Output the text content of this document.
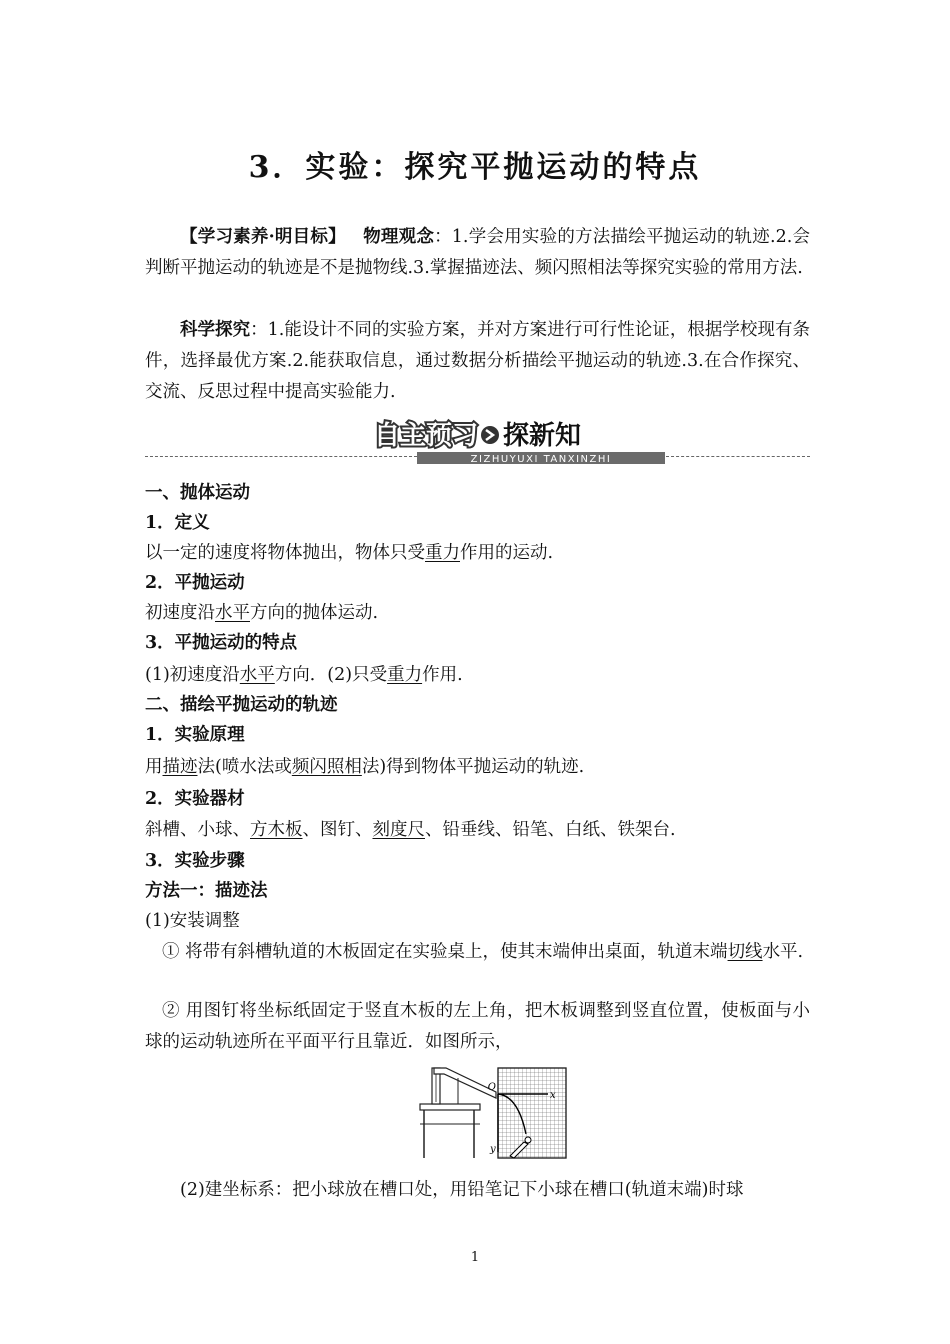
3．实验：探究平抛运动的特点

【学习素养·明目标】 物理观念：1.学会用实验的方法描绘平抛运动的轨迹.2.会判断平抛运动的轨迹是不是抛物线.3.掌握描迹法、频闪照相法等探究实验的常用方法.

科学探究：1.能设计不同的实验方案，并对方案进行可行性论证，根据学校现有条件，选择最优方案.2.能获取信息，通过数据分析描绘平抛运动的轨迹.3.在合作探究、交流、反思过程中提高实验能力.

ZIZHUYUXI TANXINZHI
自主预习 探新知
一、抛体运动
1．定义
以一定的速度将物体抛出，物体只受重力作用的运动.
2．平抛运动
初速度沿水平方向的抛体运动.
3．平抛运动的特点
(1)初速度沿水平方向．(2)只受重力作用.
二、描绘平抛运动的轨迹
1．实验原理
用描迹法(喷水法或频闪照相法)得到物体平抛运动的轨迹.
2．实验器材
斜槽、小球、方木板、图钉、刻度尺、铅垂线、铅笔、白纸、铁架台.
3．实验步骤
方法一：描迹法
(1)安装调整

① 将带有斜槽轨道的木板固定在实验桌上，使其末端伸出桌面，轨道末端切线水平.

② 用图钉将坐标纸固定于竖直木板的左上角，把木板调整到竖直位置，使板面与小球的运动轨迹所在平面平行且靠近．如图所示，

O
x
y

(2)建坐标系：把小球放在槽口处，用铅笔记下小球在槽口(轨道末端)时球

1
